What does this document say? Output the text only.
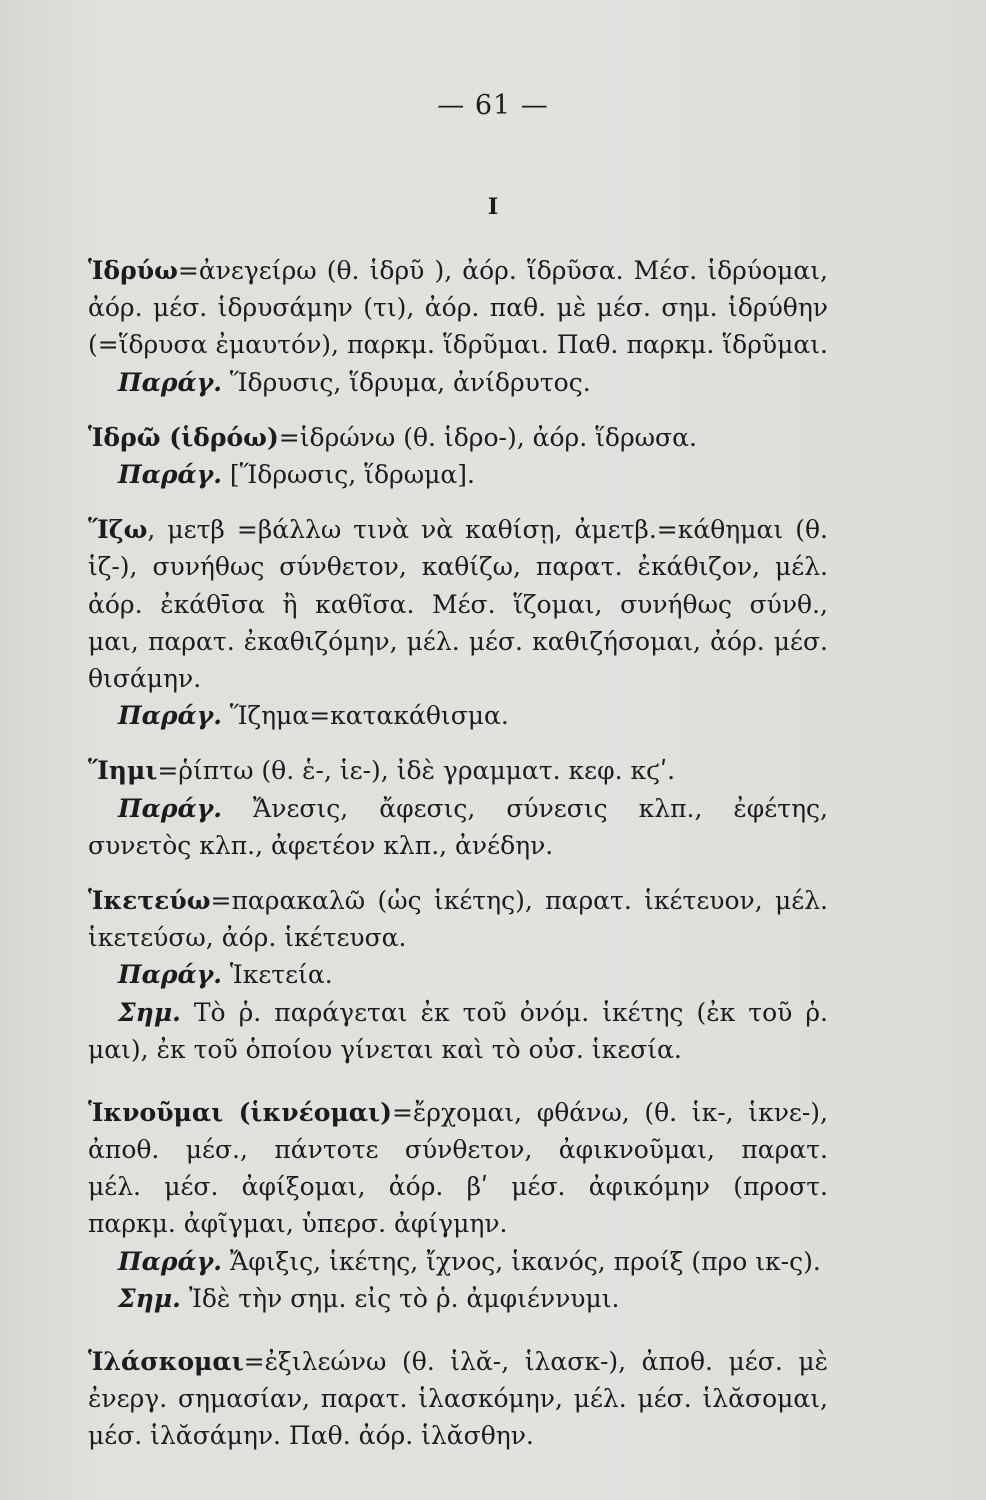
— 61 —
Ι
Ἱδρύω=ἀνεγείρω (θ. ἱδρῦ ), ἀόρ. ἵδρῦσα. Μέσ. ἱδρύομαι,
ἀόρ. μέσ. ἱδρυσάμην (τι), ἀόρ. παθ. μὲ μέσ. σημ. ἱδρύθην
(=ἵδρυσα ἐμαυτόν), παρκμ. ἵδρῦμαι. Παθ. παρκμ. ἵδρῦμαι.
Παράγ. Ἵδρυσις, ἵδρυμα, ἀνίδρυτος.
Ἱδρῶ (ἱδρόω)=ἱδρώνω (θ. ἱδρο-), ἀόρ. ἵδρωσα.
Παράγ. [Ἵδρωσις, ἵδρωμα].
Ἵζω, μετβ =βάλλω τινὰ νὰ καθίσῃ, ἀμετβ.=κάθημαι (θ.
ἱζ-), συνήθως σύνθετον, καθίζω, παρατ. ἐκάθιζον, μέλ.
ἀόρ. ἐκάθῑσα ἢ καθῖσα. Μέσ. ἵζομαι, συνήθως σύνθ.,
μαι, παρατ. ἐκαθιζόμην, μέλ. μέσ. καθιζήσομαι, ἀόρ. μέσ.
θισάμην.
Παράγ. Ἵζημα=κατακάθισμα.
Ἵημι=ῥίπτω (θ. ἑ-, ἱε-), ἰδὲ γραμματ. κεφ. κϛʹ.
Παράγ. Ἄνεσις, ἄφεσις, σύνεσις κλπ., ἐφέτης,
συνετὸς κλπ., ἀφετέον κλπ., ἀνέδην.
Ἱκετεύω=παρακαλῶ (ὡς ἱκέτης), παρατ. ἱκέτευον, μέλ.
ἱκετεύσω, ἀόρ. ἱκέτευσα.
Παράγ. Ἱκετεία.
Σημ. Τὸ ῥ. παράγεται ἐκ τοῦ ὀνόμ. ἱκέτης (ἐκ τοῦ ῥ.
μαι), ἐκ τοῦ ὁποίου γίνεται καὶ τὸ οὐσ. ἱκεσία.
Ἱκνοῦμαι (ἱκνέομαι)=ἔρχομαι, φθάνω, (θ. ἱκ-, ἱκνε-),
ἀποθ. μέσ., πάντοτε σύνθετον, ἀφικνοῦμαι, παρατ.
μέλ. μέσ. ἀφίξομαι, ἀόρ. βʹ μέσ. ἀφικόμην (προστ.
παρκμ. ἀφῖγμαι, ὑπερσ. ἀφίγμην.
Παράγ. Ἄφιξις, ἱκέτης, ἴχνος, ἱκανός, προίξ (προ ικ-ς).
Σημ. Ἰδὲ τὴν σημ. εἰς τὸ ῥ. ἀμφιέννυμι.
Ἱλάσκομαι=ἐξιλεώνω (θ. ἱλᾰ-, ἱλασκ-), ἀποθ. μέσ. μὲ
ἐνεργ. σημασίαν, παρατ. ἱλασκόμην, μέλ. μέσ. ἱλᾰσομαι,
μέσ. ἱλᾰσάμην. Παθ. ἀόρ. ἱλᾰσθην.
